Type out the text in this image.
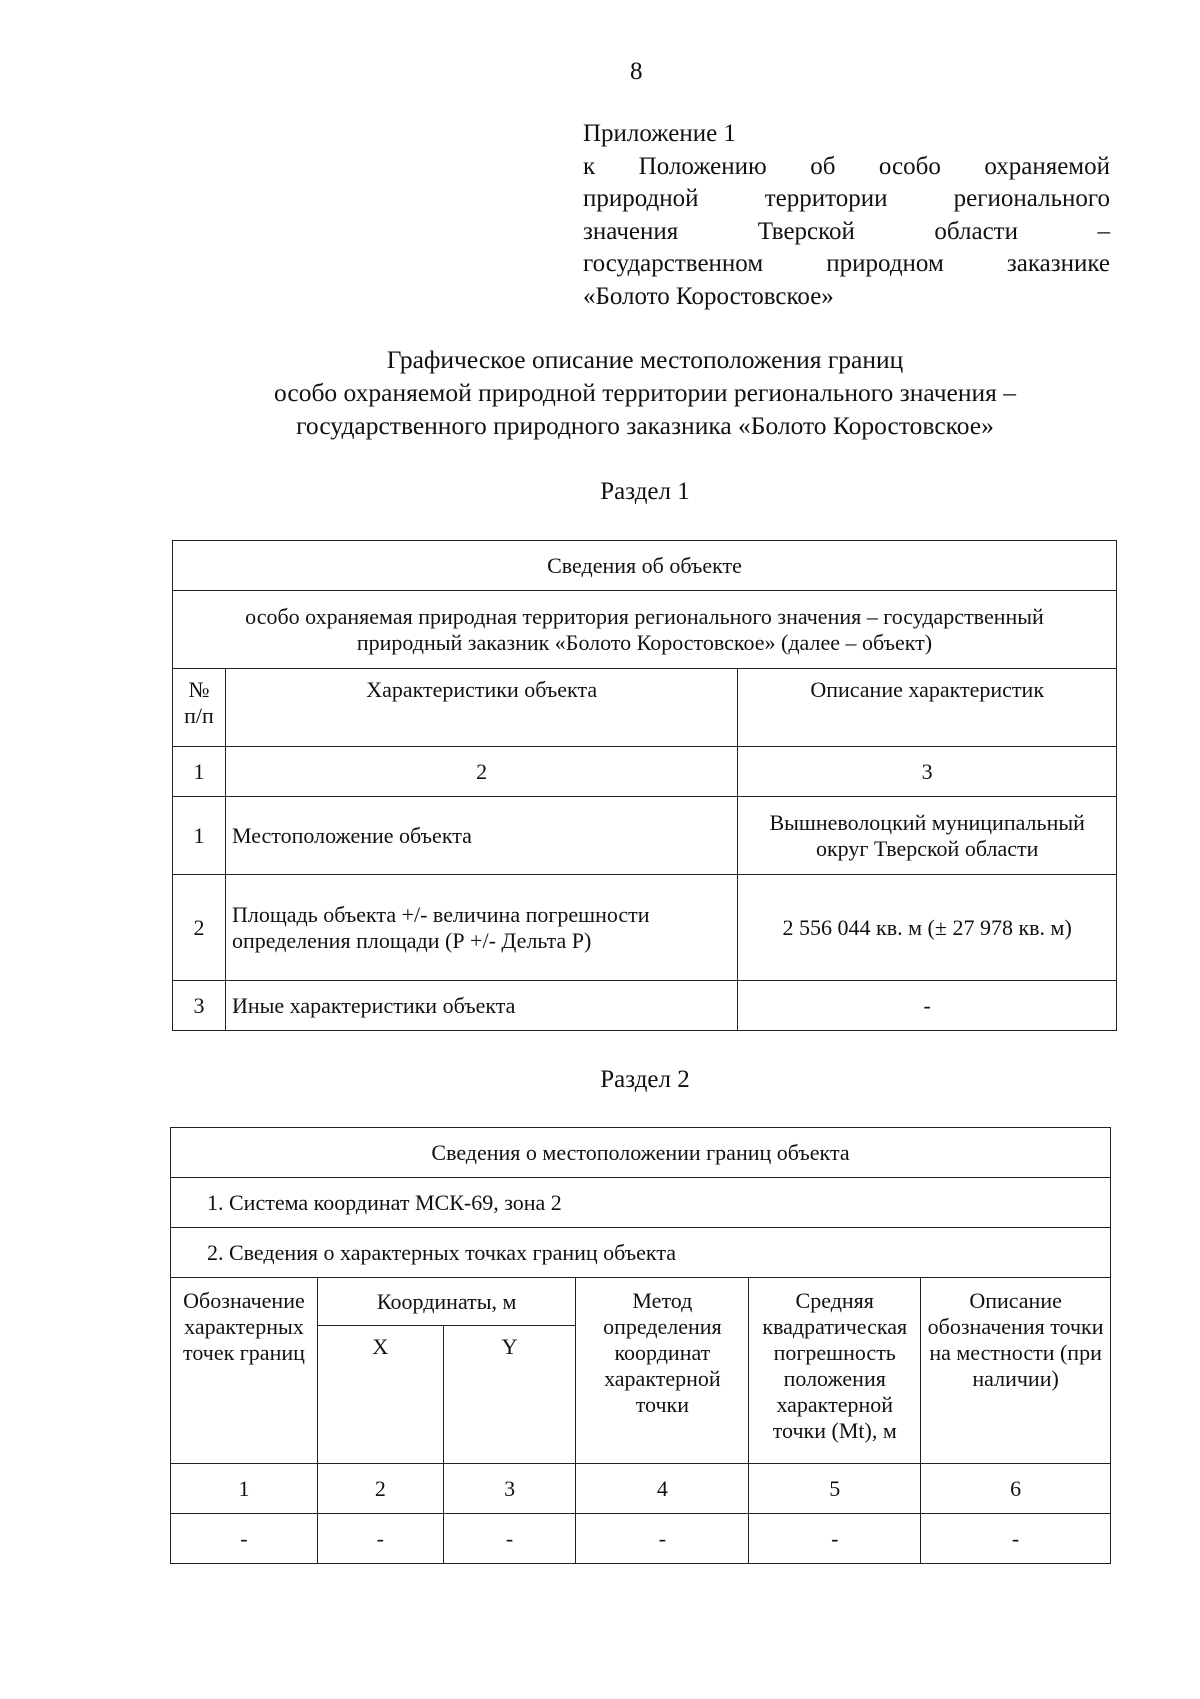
8
Приложение 1
к Положению об особо охраняемой
природной территории регионального
значения Тверской области –
государственном природном заказнике
«Болото Коростовское»
Графическое описание местоположения границ
особо охраняемой природной территории регионального значения –
государственного природного заказника «Болото Коростовское»
Раздел 1
Сведения об объекте		
особо охраняемая природная территория регионального значения – государственный природный заказник «Болото Коростовское» (далее – объект)		
№ п/п	Характеристики объекта	Описание характеристик
1	2	3
1	Местоположение объекта	Вышневолоцкий муниципальный округ Тверской области
2	Площадь объекта +/- величина погрешности определения площади (Р +/- Дельта Р)	2 556 044 кв. м (± 27 978 кв. м)
3	Иные характеристики объекта	-
Раздел 2
Сведения о местоположении границ объекта					
1. Система координат МСК-69, зона 2					
2. Сведения о характерных точках границ объекта					
Обозначение характерных точек границ	Координаты, м		Метод определения координат характерной точки	Средняя квадратическая погрешность положения характерной точки (Mt), м	Описание обозначения точки на местности (при наличии)
	X	Y			
1	2	3	4	5	6
-	-	-	-	-	-
